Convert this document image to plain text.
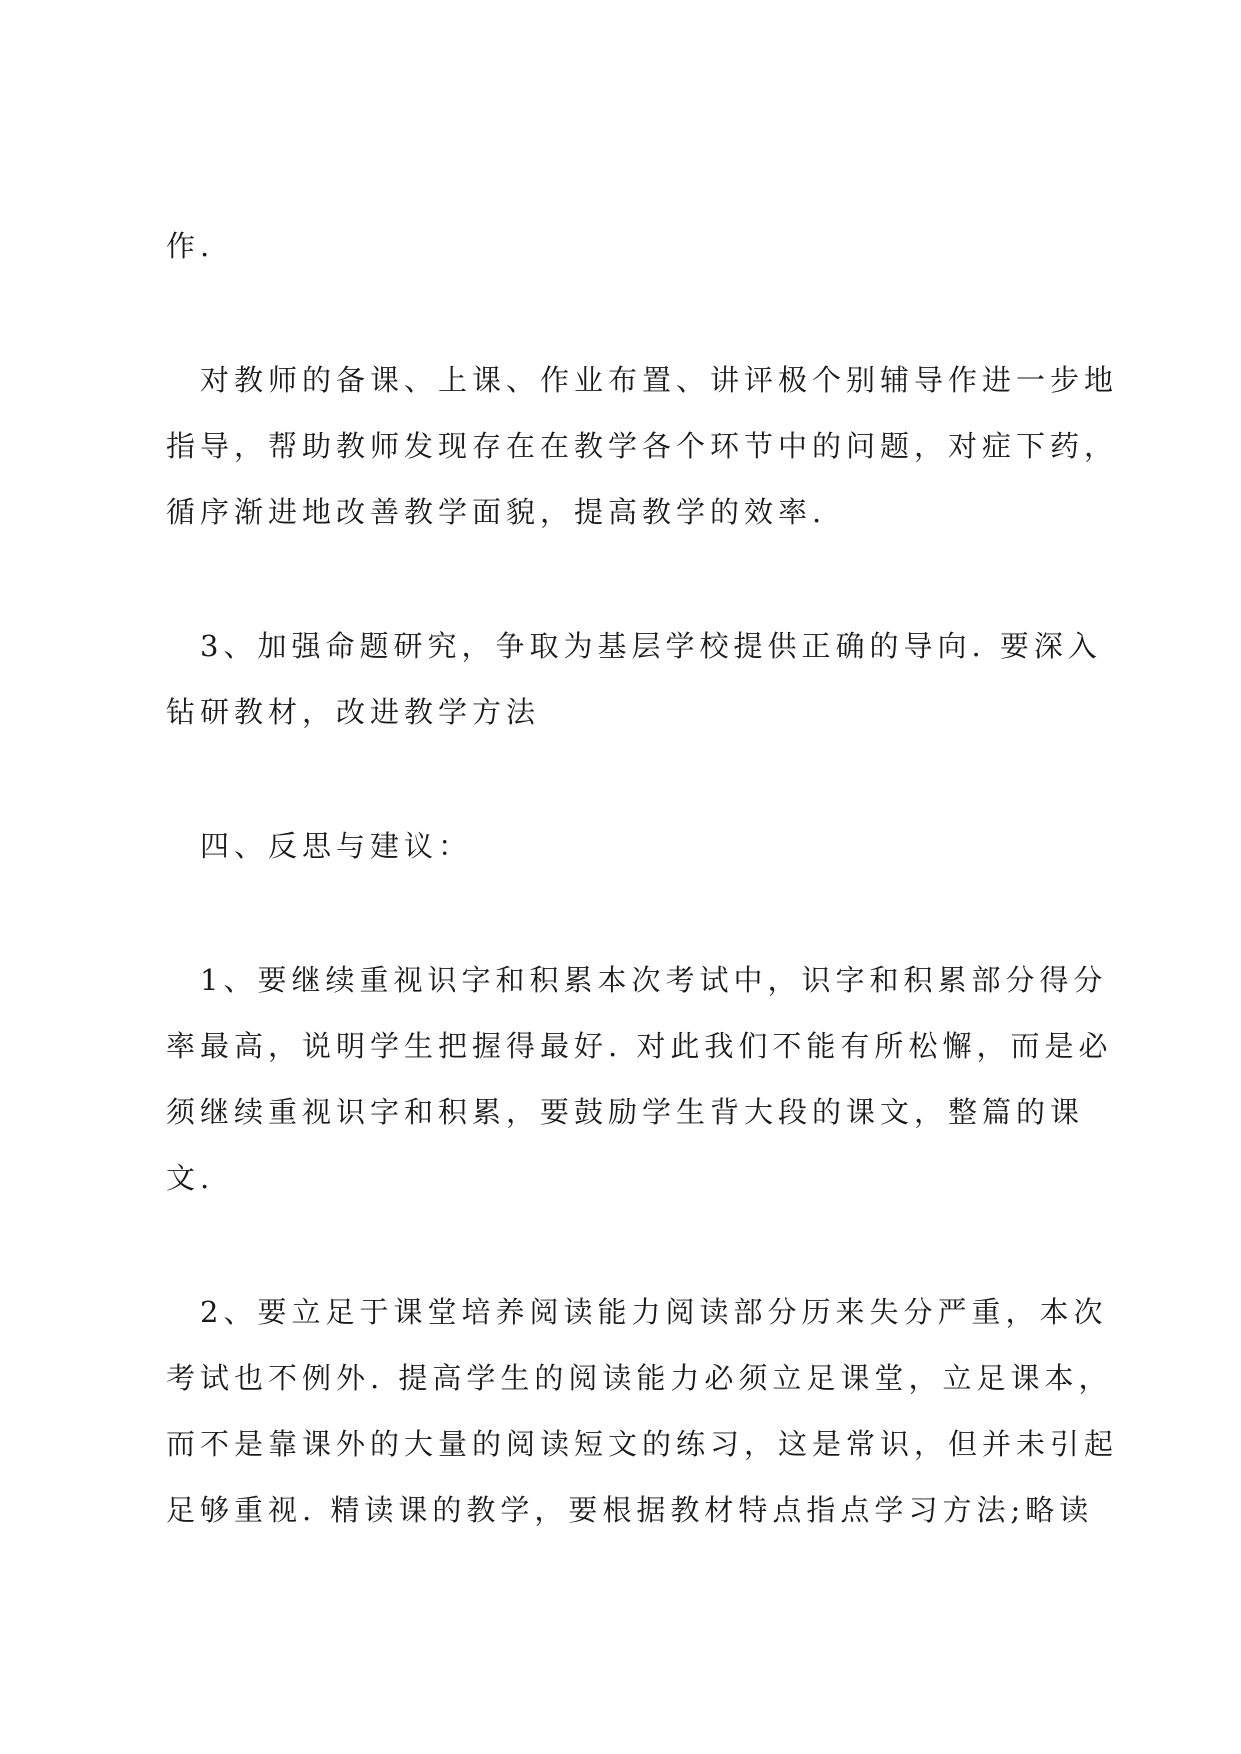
作.
对教师的备课、上课、作业布置、讲评极个别辅导作进一步地
指导，帮助教师发现存在在教学各个环节中的问题，对症下药，
循序渐进地改善教学面貌，提高教学的效率.
3、加强命题研究，争取为基层学校提供正确的导向. 要深入
钻研教材，改进教学方法
四、反思与建议：
1、要继续重视识字和积累本次考试中，识字和积累部分得分
率最高，说明学生把握得最好. 对此我们不能有所松懈，而是必
须继续重视识字和积累，要鼓励学生背大段的课文，整篇的课
文.
2、要立足于课堂培养阅读能力阅读部分历来失分严重，本次
考试也不例外. 提高学生的阅读能力必须立足课堂，立足课本，
而不是靠课外的大量的阅读短文的练习，这是常识，但并未引起
足够重视. 精读课的教学，要根据教材特点指点学习方法;略读
